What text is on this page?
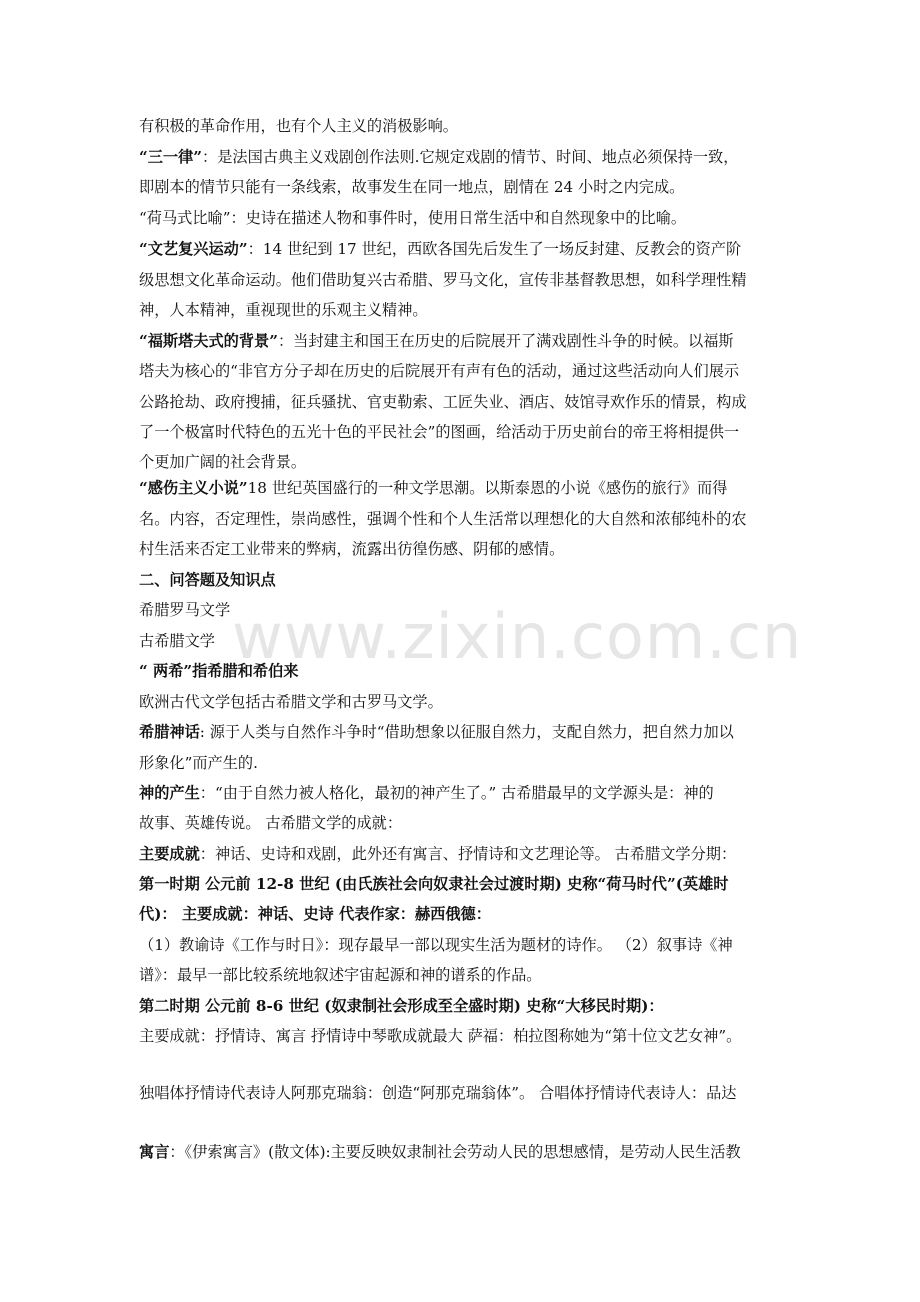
www.zixin.com.cn
有积极的革命作用，也有个人主义的消极影响。
“三一律”：是法国古典主义戏剧创作法则.它规定戏剧的情节、时间、地点必须保持一致，
即剧本的情节只能有一条线索，故事发生在同一地点，剧情在 24 小时之内完成。
“荷马式比喻”：史诗在描述人物和事件时，使用日常生活中和自然现象中的比喻。
“文艺复兴运动”：14 世纪到 17 世纪，西欧各国先后发生了一场反封建、反教会的资产阶
级思想文化革命运动。他们借助复兴古希腊、罗马文化，宣传非基督教思想，如科学理性精
神，人本精神，重视现世的乐观主义精神。
“福斯塔夫式的背景”：当封建主和国王在历史的后院展开了满戏剧性斗争的时候。以福斯
塔夫为核心的“非官方分子却在历史的后院展开有声有色的活动，通过这些活动向人们展示
公路抢劫、政府搜捕，征兵骚扰、官吏勒索、工匠失业、酒店、妓馆寻欢作乐的情景，构成
了一个极富时代特色的五光十色的平民社会”的图画，给活动于历史前台的帝王将相提供一
个更加广阔的社会背景。
“感伤主义小说”18 世纪英国盛行的一种文学思潮。以斯泰恩的小说《感伤的旅行》而得
名。内容，否定理性，崇尚感性，强调个性和个人生活常以理想化的大自然和浓郁纯朴的农
村生活来否定工业带来的弊病，流露出彷徨伤感、阴郁的感情。
二、问答题及知识点
希腊罗马文学
古希腊文学
“ 两希”指希腊和希伯来
欧洲古代文学包括古希腊文学和古罗马文学。
希腊神话: 源于人类与自然作斗争时“借助想象以征服自然力，支配自然力，把自然力加以
形象化”而产生的.
神的产生：“由于自然力被人格化，最初的神产生了。” 古希腊最早的文学源头是：神的
故事、英雄传说。 古希腊文学的成就：
主要成就：神话、史诗和戏剧，此外还有寓言、抒情诗和文艺理论等。 古希腊文学分期：
第一时期 公元前 12-8 世纪 (由氏族社会向奴隶社会过渡时期) 史称“荷马时代”(英雄时
代)： 主要成就：神话、史诗 代表作家：赫西俄德：
（1）教谕诗《工作与时日》：现存最早一部以现实生活为题材的诗作。 （2）叙事诗《神
谱》：最早一部比较系统地叙述宇宙起源和神的谱系的作品。
第二时期 公元前 8-6 世纪 (奴隶制社会形成至全盛时期) 史称“大移民时期)：
主要成就：抒情诗、寓言 抒情诗中琴歌成就最大 萨福：柏拉图称她为“第十位文艺女神”。
独唱体抒情诗代表诗人阿那克瑞翁：创造“阿那克瑞翁体”。 合唱体抒情诗代表诗人：品达
寓言：《伊索寓言》(散文体):主要反映奴隶制社会劳动人民的思想感情，是劳动人民生活教
